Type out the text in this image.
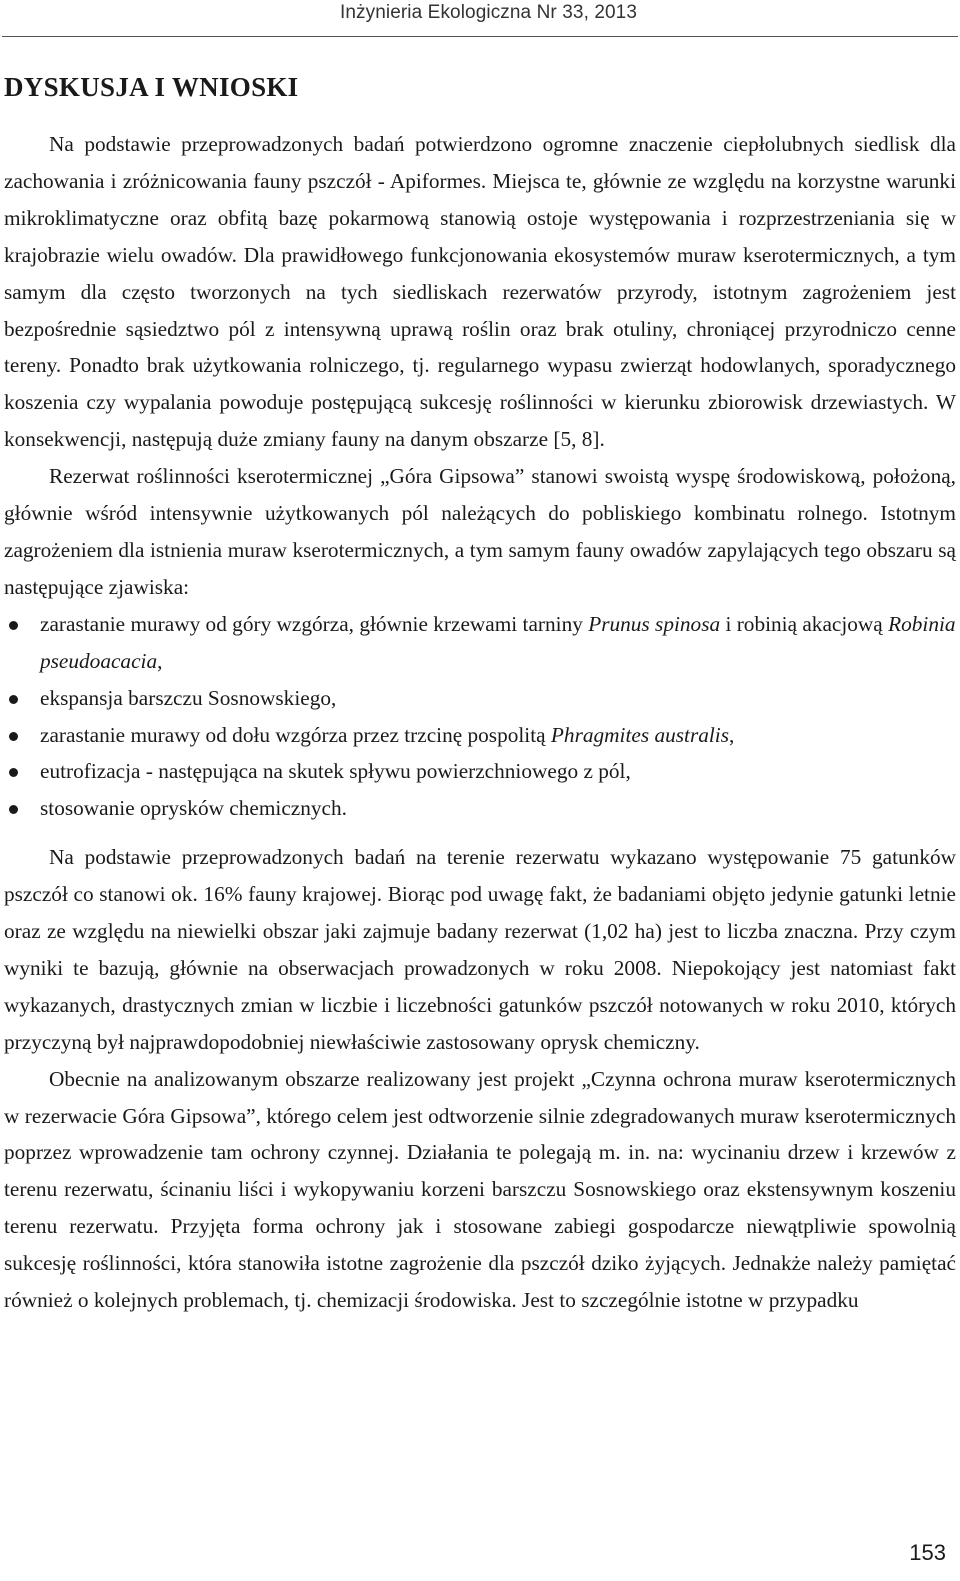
Inżynieria Ekologiczna Nr 33, 2013
DYSKUSJA I WNIOSKI

Na podstawie przeprowadzonych badań potwierdzono ogromne znaczenie ciepłolubnych siedlisk dla zachowania i zróżnicowania fauny pszczół - Apiformes. Miejsca te, głównie ze względu na korzystne warunki mikroklimatyczne oraz obfitą bazę pokarmową stanowią ostoje występowania i rozprzestrzeniania się w krajobrazie wielu owadów. Dla prawidłowego funkcjonowania ekosystemów muraw kserotermicznych, a tym samym dla często tworzonych na tych siedliskach rezerwatów przyrody, istotnym zagrożeniem jest bezpośrednie sąsiedztwo pól z intensywną uprawą roślin oraz brak otuliny, chroniącej przyrodniczo cenne tereny. Ponadto brak użytkowania rolniczego, tj. regularnego wypasu zwierząt hodowlanych, sporadycznego koszenia czy wypalania powoduje postępującą sukcesję roślinności w kierunku zbiorowisk drzewiastych. W konsekwencji, następują duże zmiany fauny na danym obszarze [5, 8].

Rezerwat roślinności kserotermicznej „Góra Gipsowa” stanowi swoistą wyspę środowiskową, położoną, głównie wśród intensywnie użytkowanych pól należących do pobliskiego kombinatu rolnego. Istotnym zagrożeniem dla istnienia muraw kserotermicznych, a tym samym fauny owadów zapylających tego obszaru są następujące zjawiska:

zarastanie murawy od góry wzgórza, głównie krzewami tarniny Prunus spinosa i robinią akacjową Robinia pseudoacacia,
ekspansja barszczu Sosnowskiego,
zarastanie murawy od dołu wzgórza przez trzcinę pospolitą Phragmites australis,
eutrofizacja - następująca na skutek spływu powierzchniowego z pól,
stosowanie oprysków chemicznych.

Na podstawie przeprowadzonych badań na terenie rezerwatu wykazano występowanie 75 gatunków pszczół co stanowi ok. 16% fauny krajowej. Biorąc pod uwagę fakt, że badaniami objęto jedynie gatunki letnie oraz ze względu na niewielki obszar jaki zajmuje badany rezerwat (1,02 ha) jest to liczba znaczna. Przy czym wyniki te bazują, głównie na obserwacjach prowadzonych w roku 2008. Niepokojący jest natomiast fakt wykazanych, drastycznych zmian w liczbie i liczebności gatunków pszczół notowanych w roku 2010, których przyczyną był najprawdopodobniej niewłaściwie zastosowany oprysk chemiczny.

Obecnie na analizowanym obszarze realizowany jest projekt „Czynna ochrona muraw kserotermicznych w rezerwacie Góra Gipsowa”, którego celem jest odtworzenie silnie zdegradowanych muraw kserotermicznych poprzez wprowadzenie tam ochrony czynnej. Działania te polegają m. in. na: wycinaniu drzew i krzewów z terenu rezerwatu, ścinaniu liści i wykopywaniu korzeni barszczu Sosnowskiego oraz ekstensywnym koszeniu terenu rezerwatu. Przyjęta forma ochrony jak i stosowane zabiegi gospodarcze niewątpliwie spowolnią sukcesję roślinności, która stanowiła istotne zagrożenie dla pszczół dziko żyjących. Jednakże należy pamiętać również o kolejnych problemach, tj. chemizacji środowiska. Jest to szczególnie istotne w przypadku

153
